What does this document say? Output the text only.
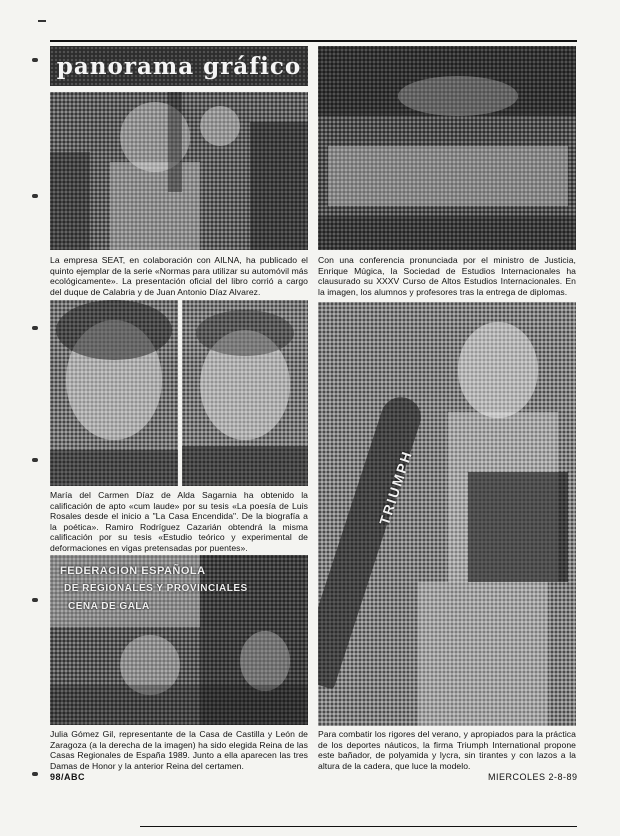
panorama gráfico
La empresa SEAT, en colaboración con AILNA, ha publicado el quinto ejemplar de la serie «Normas para utilizar su automóvil más ecológicamente». La presentación oficial del libro corrió a cargo del duque de Calabria y de Juan Antonio Díaz Alvarez.
Con una conferencia pronunciada por el ministro de Justicia, Enrique Múgica, la Sociedad de Estudios Internacionales ha clausurado su XXXV Curso de Altos Estudios Internacionales. En la imagen, los alumnos y profesores tras la entrega de diplomas.
María del Carmen Díaz de Alda Sagarnia ha obtenido la calificación de apto «cum laude» por su tesis «La poesía de Luis Rosales desde el inicio a "La Casa Encendida". De la biografía a la poética». Ramiro Rodríguez Cazarián obtendrá la misma calificación por su tesis «Estudio teórico y experimental de deformaciones en vigas pretensadas por puentes».
FEDERACION ESPAÑOLA
DE REGIONALES Y PROVINCIALES
CENA DE GALA
Julia Gómez Gil, representante de la Casa de Castilla y León de Zaragoza (a la derecha de la imagen) ha sido elegida Reina de las Casas Regionales de España 1989. Junto a ella aparecen las tres Damas de Honor y la anterior Reina del certamen.
TRIUMPH
Para combatir los rigores del verano, y apropiados para la práctica de los deportes náuticos, la firma Triumph International propone este bañador, de polyamida y lycra, sin tirantes y con lazos a la altura de la cadera, que luce la modelo.
98/ABC	MIERCOLES 2-8-89
